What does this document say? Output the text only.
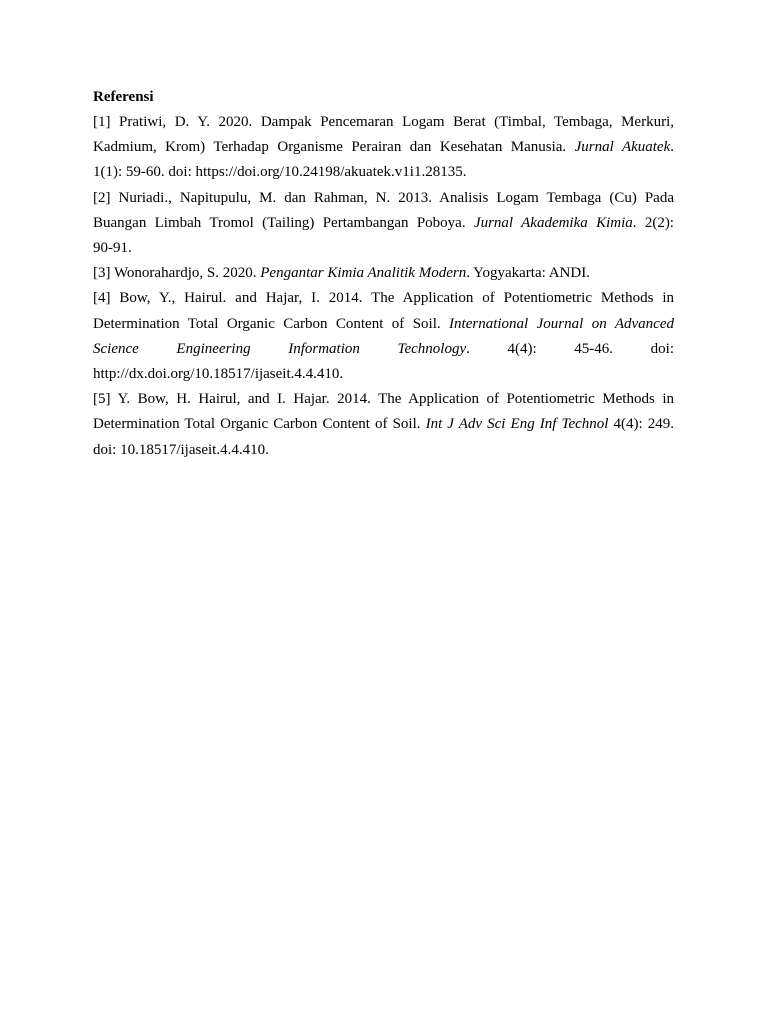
Referensi

[1] Pratiwi, D. Y. 2020. Dampak Pencemaran Logam Berat (Timbal, Tembaga, Merkuri,
Kadmium, Krom) Terhadap Organisme Perairan dan Kesehatan Manusia. Jurnal Akuatek.
1(1): 59-60. doi: https://doi.org/10.24198/akuatek.v1i1.28135.

[2] Nuriadi., Napitupulu, M. dan Rahman, N. 2013. Analisis Logam Tembaga (Cu) Pada
Buangan Limbah Tromol (Tailing) Pertambangan Poboya. Jurnal Akademika Kimia. 2(2):
90-91.

[3] Wonorahardjo, S. 2020. Pengantar Kimia Analitik Modern. Yogyakarta: ANDI.

[4] Bow, Y., Hairul. and Hajar, I. 2014. The Application of Potentiometric Methods in
Determination Total Organic Carbon Content of Soil. International Journal on Advanced
Science Engineering Information Technology. 4(4): 45-46. doi:
http://dx.doi.org/10.18517/ijaseit.4.4.410.

[5] Y. Bow, H. Hairul, and I. Hajar. 2014. The Application of Potentiometric Methods in
Determination Total Organic Carbon Content of Soil. Int J Adv Sci Eng Inf Technol 4(4): 249.
doi: 10.18517/ijaseit.4.4.410.
